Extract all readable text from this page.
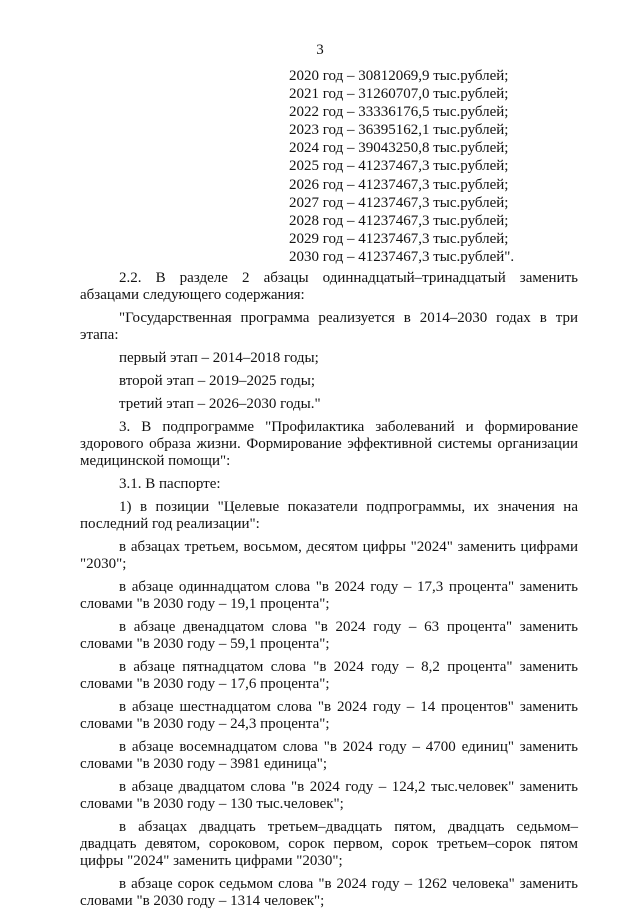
3
2020 год – 30812069,9 тыс.рублей;
2021 год – 31260707,0 тыс.рублей;
2022 год – 33336176,5 тыс.рублей;
2023 год – 36395162,1 тыс.рублей;
2024 год – 39043250,8 тыс.рублей;
2025 год – 41237467,3 тыс.рублей;
2026 год – 41237467,3 тыс.рублей;
2027 год – 41237467,3 тыс.рублей;
2028 год – 41237467,3 тыс.рублей;
2029 год – 41237467,3 тыс.рублей;
2030 год – 41237467,3 тыс.рублей".

2.2. В разделе 2 абзацы одиннадцатый–тринадцатый заменить абзацами следующего содержания:

"Государственная программа реализуется в 2014–2030 годах в три этапа:

первый этап – 2014–2018 годы;
второй этап – 2019–2025 годы;
третий этап – 2026–2030 годы."

3. В подпрограмме "Профилактика заболеваний и формирование здорового образа жизни. Формирование эффективной системы организации медицинской помощи":

3.1. В паспорте:

1) в позиции "Целевые показатели подпрограммы, их значения на последний год реализации":

в абзацах третьем, восьмом, десятом цифры "2024" заменить цифрами "2030";

в абзаце одиннадцатом слова "в 2024 году – 17,3 процента" заменить словами "в 2030 году – 19,1 процента";

в абзаце двенадцатом слова "в 2024 году – 63 процента" заменить словами "в 2030 году – 59,1 процента";

в абзаце пятнадцатом слова "в 2024 году – 8,2 процента" заменить словами "в 2030 году – 17,6 процента";

в абзаце шестнадцатом слова "в 2024 году – 14 процентов" заменить словами "в 2030 году – 24,3 процента";

в абзаце восемнадцатом слова "в 2024 году – 4700 единиц" заменить словами "в 2030 году – 3981 единица";

в абзаце двадцатом слова "в 2024 году – 124,2 тыс.человек" заменить словами "в 2030 году – 130 тыс.человек";

в абзацах двадцать третьем–двадцать пятом, двадцать седьмом–двадцать девятом, сороковом, сорок первом, сорок третьем–сорок пятом цифры "2024" заменить цифрами "2030";

в абзаце сорок седьмом слова "в 2024 году – 1262 человека" заменить словами "в 2030 году – 1314 человек";
